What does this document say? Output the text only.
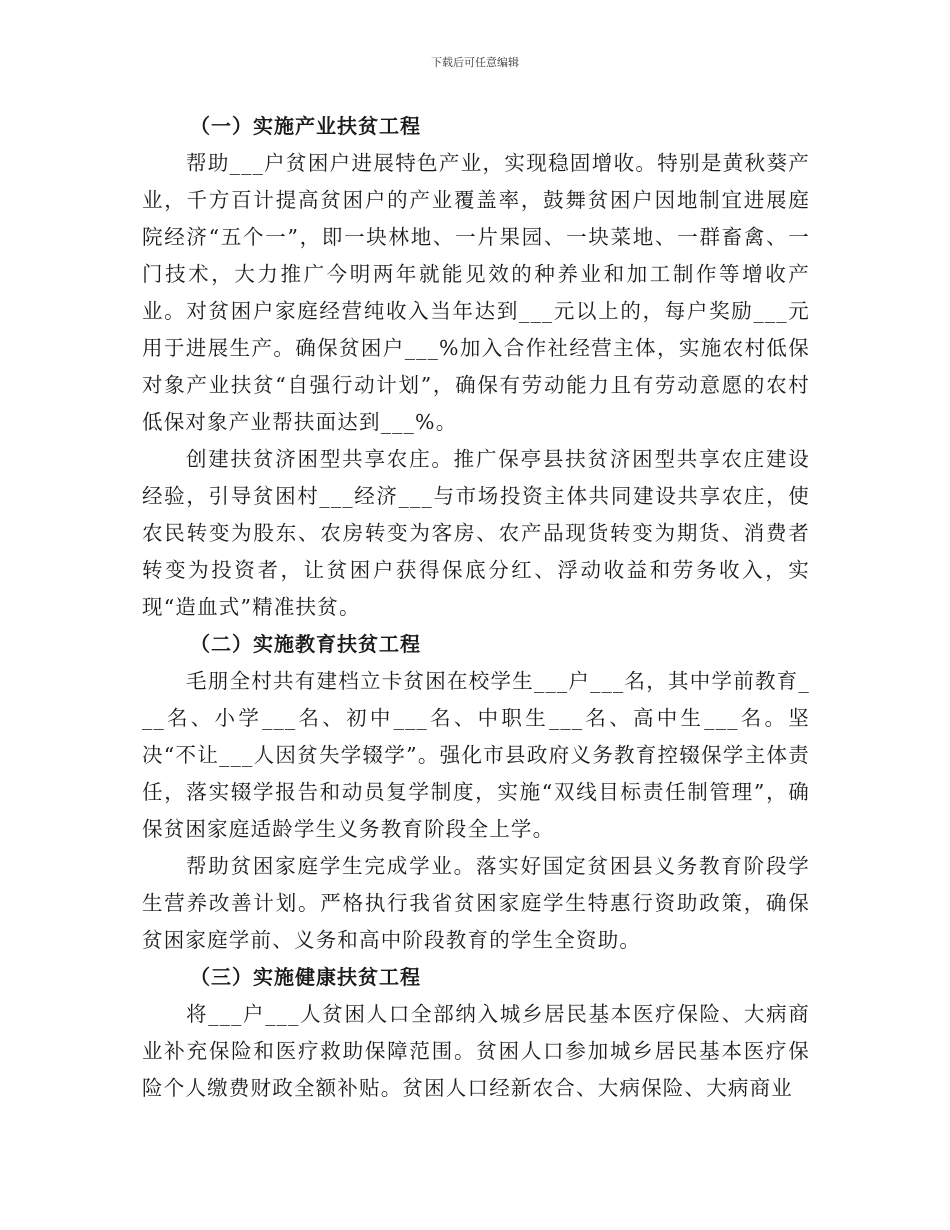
下载后可任意编辑
（一）实施产业扶贫工程

帮助___户贫困户进展特色产业，实现稳固增收。特别是黄秋葵产业，千方百计提高贫困户的产业覆盖率，鼓舞贫困户因地制宜进展庭院经济“五个一”，即一块林地、一片果园、一块菜地、一群畜禽、一门技术，大力推广今明两年就能见效的种养业和加工制作等增收产业。对贫困户家庭经营纯收入当年达到___元以上的，每户奖励___元用于进展生产。确保贫困户___%加入合作社经营主体，实施农村低保对象产业扶贫“自强行动计划”，确保有劳动能力且有劳动意愿的农村低保对象产业帮扶面达到___%。

创建扶贫济困型共享农庄。推广保亭县扶贫济困型共享农庄建设经验，引导贫困村___经济___与市场投资主体共同建设共享农庄，使农民转变为股东、农房转变为客房、农产品现货转变为期货、消费者转变为投资者，让贫困户获得保底分红、浮动收益和劳务收入，实现“造血式”精准扶贫。

（二）实施教育扶贫工程

毛朋全村共有建档立卡贫困在校学生___户___名，其中学前教育___名、小学___名、初中___名、中职生___名、高中生___名。坚决“不让___人因贫失学辍学”。强化市县政府义务教育控辍保学主体责任，落实辍学报告和动员复学制度，实施“双线目标责任制管理”，确保贫困家庭适龄学生义务教育阶段全上学。

帮助贫困家庭学生完成学业。落实好国定贫困县义务教育阶段学生营养改善计划。严格执行我省贫困家庭学生特惠行资助政策，确保贫困家庭学前、义务和高中阶段教育的学生全资助。

（三）实施健康扶贫工程

将___户___人贫困人口全部纳入城乡居民基本医疗保险、大病商业补充保险和医疗救助保障范围。贫困人口参加城乡居民基本医疗保险个人缴费财政全额补贴。贫困人口经新农合、大病保险、大病商业
